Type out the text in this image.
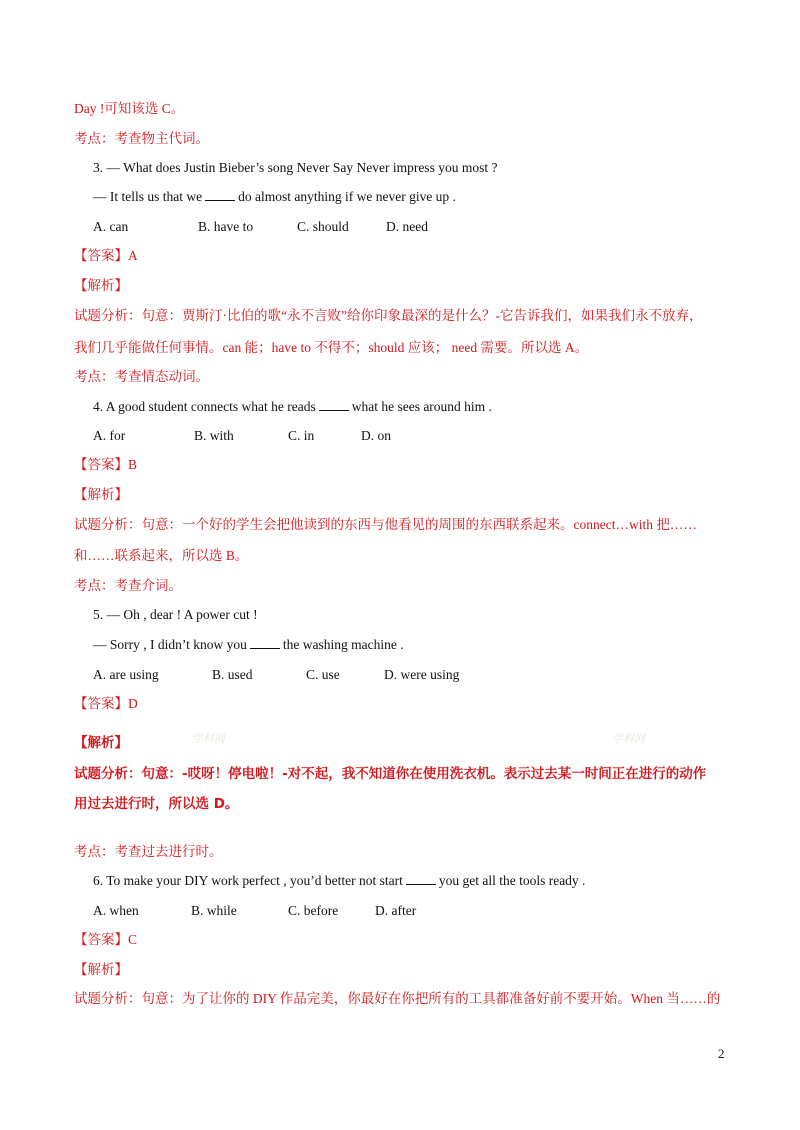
Day !可知该选 C。
考点：考查物主代词。
3. — What does Justin Bieber’s song Never Say Never impress you most ?
— It tells us that we	do almost anything if we never give up .
A. can	B. have to	C. should	D. need
【答案】A
【解析】
试题分析：句意：贾斯汀·比伯的歌“永不言败”给你印象最深的是什么？-它告诉我们，如果我们永不放弃，
我们几乎能做任何事情。can 能；have to 不得不；should 应该； need 需要。所以选 A。
考点：考查情态动词。
4. A good student connects what he reads	what he sees around him .
A. for	B. with	C. in	D. on
【答案】B
【解析】
试题分析：句意：一个好的学生会把他读到的东西与他看见的周围的东西联系起来。connect…with 把……
和……联系起来，所以选 B。
考点：考查介词。
5. — Oh , dear ! A power cut !
— Sorry , I didn’t know you	the washing machine .
A. are using	B. used	C. use	D. were using
【答案】D
学科网	学科网
【解析】
试题分析：句意：-哎呀！停电啦！-对不起，我不知道你在使用洗衣机。表示过去某一时间正在进行的动作
用过去进行时，所以选 D。
考点：考查过去进行时。
6. To make your DIY work perfect , you’d better not start	you get all the tools ready .
A. when	B. while	C. before	D. after
【答案】C
【解析】
试题分析：句意：为了让你的 DIY 作品完美，你最好在你把所有的工具都准备好前不要开始。When 当……的
2
